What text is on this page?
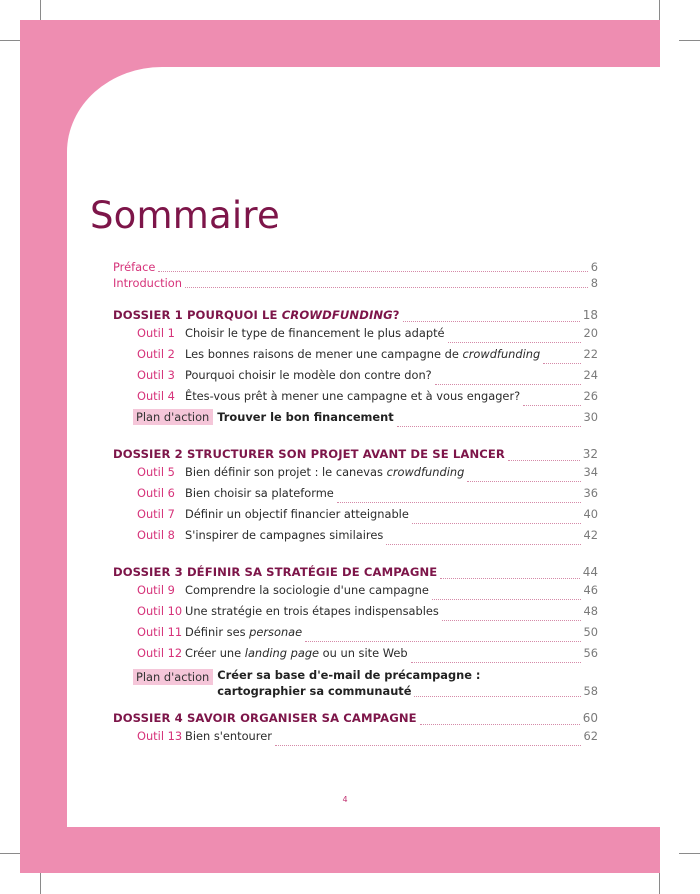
Sommaire
Préface	6
Introduction	8
DOSSIER 1 POURQUOI LE CROWDFUNDING?	18
Outil 1 Choisir le type de financement le plus adapté	20
Outil 2 Les bonnes raisons de mener une campagne de crowdfunding	22
Outil 3 Pourquoi choisir le modèle don contre don?	24
Outil 4 Êtes-vous prêt à mener une campagne et à vous engager?	26
Plan d'action Trouver le bon financement	30
DOSSIER 2 STRUCTURER SON PROJET AVANT DE SE LANCER	32
Outil 5 Bien définir son projet : le canevas crowdfunding	34
Outil 6 Bien choisir sa plateforme	36
Outil 7 Définir un objectif financier atteignable	40
Outil 8 S'inspirer de campagnes similaires	42
DOSSIER 3 DÉFINIR SA STRATÉGIE DE CAMPAGNE	44
Outil 9 Comprendre la sociologie d'une campagne	46
Outil 10 Une stratégie en trois étapes indispensables	48
Outil 11 Définir ses personae	50
Outil 12 Créer une landing page ou un site Web	56
Plan d'action Créer sa base d'e-mail de précampagne :
cartographier sa communauté	58
DOSSIER 4 SAVOIR ORGANISER SA CAMPAGNE	60
Outil 13 Bien s'entourer	62
4
